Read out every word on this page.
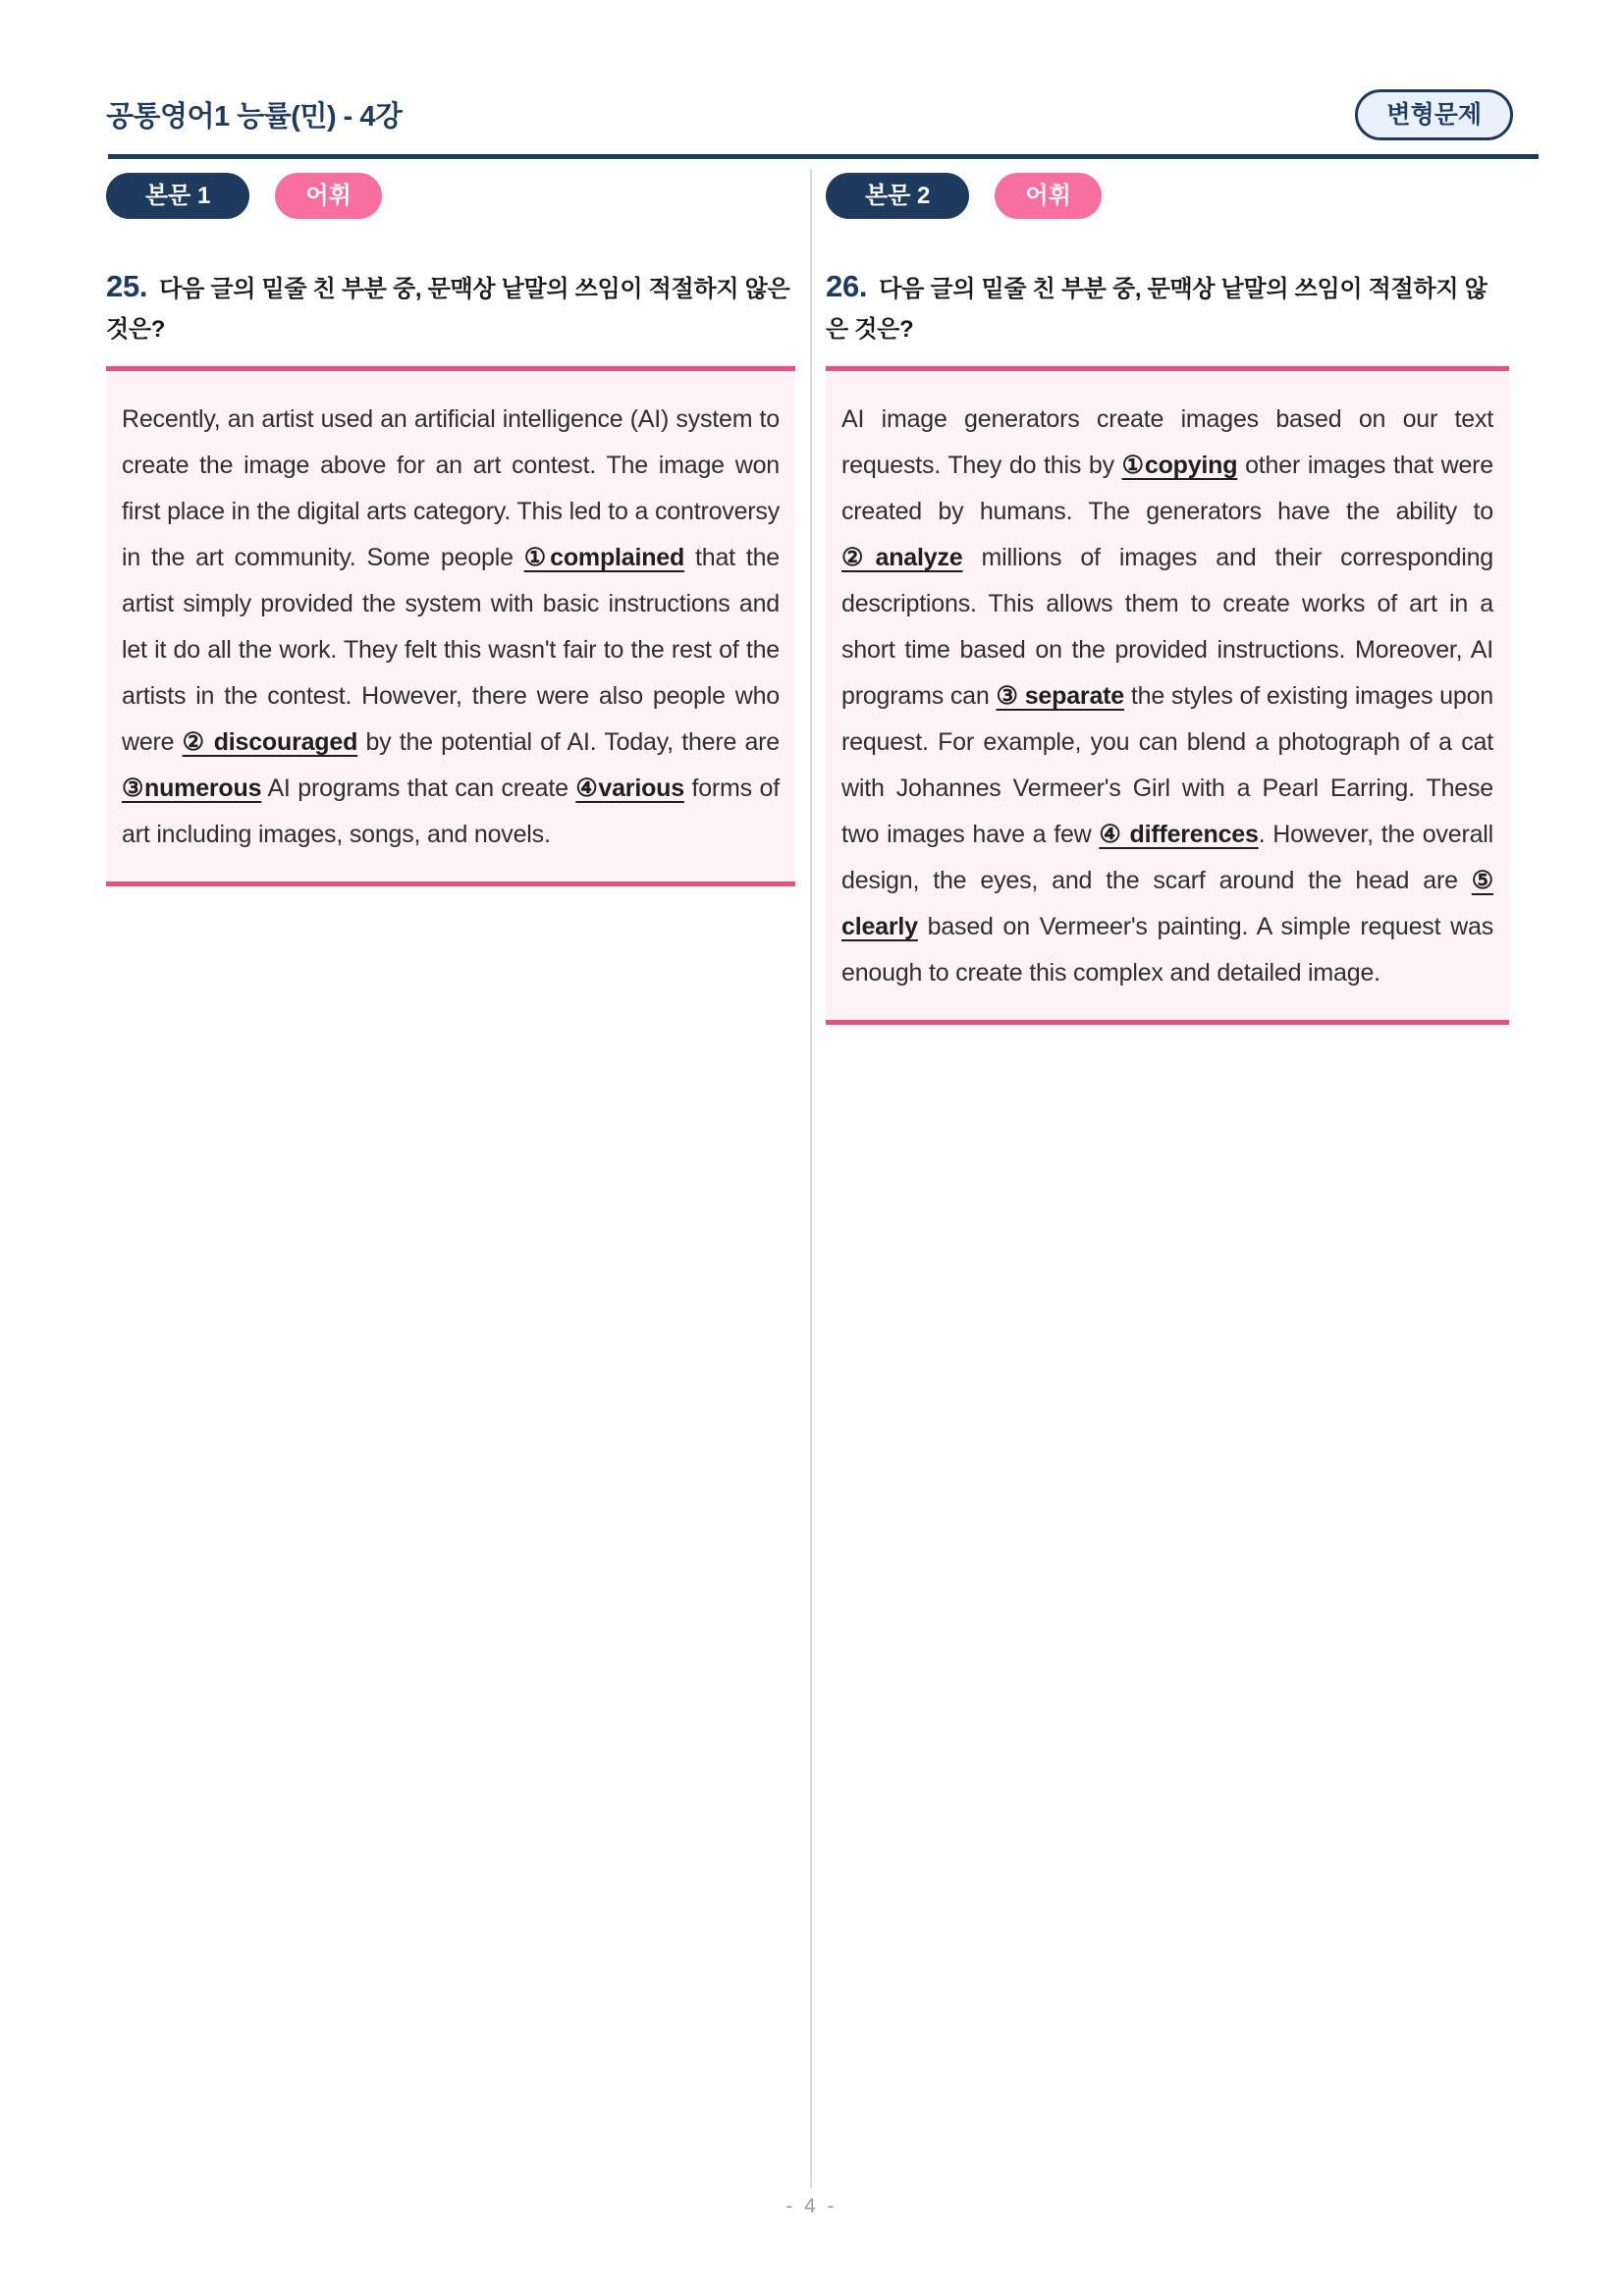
공통영어1 능률(민) - 4강	변형문제
본문 1	어휘
25. 다음 글의 밑줄 친 부분 중, 문맥상 낱말의 쓰임이 적절하지 않은 것은?

Recently, an artist used an artificial intelligence (AI) system to create the image above for an art contest. The image won first place in the digital arts category. This led to a controversy in the art community. Some people ①complained that the artist simply provided the system with basic instructions and let it do all the work. They felt this wasn't fair to the rest of the artists in the contest. However, there were also people who were ② discouraged by the potential of AI. Today, there are ③numerous AI programs that can create ④various forms of art including images, songs, and novels.

본문 2	어휘
26. 다음 글의 밑줄 친 부분 중, 문맥상 낱말의 쓰임이 적절하지 않은 것은?

AI image generators create images based on our text requests. They do this by ①copying other images that were created by humans. The generators have the ability to ②analyze millions of images and their corresponding descriptions. This allows them to create works of art in a short time based on the provided instructions. Moreover, AI programs can ③ separate the styles of existing images upon request. For example, you can blend a photograph of a cat with Johannes Vermeer's Girl with a Pearl Earring. These two images have a few ④ differences. However, the overall design, the eyes, and the scarf around the head are ⑤ clearly based on Vermeer's painting. A simple request was enough to create this complex and detailed image.

- 4 -
